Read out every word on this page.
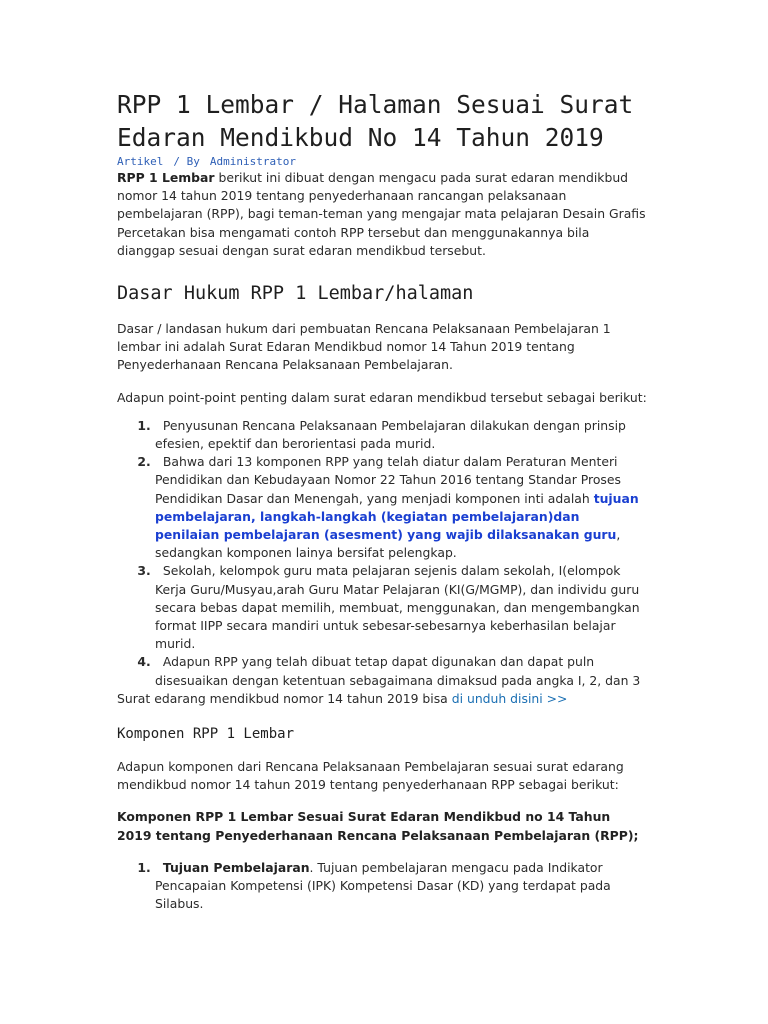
RPP 1 Lembar / Halaman Sesuai Surat Edaran Mendikbud No 14 Tahun 2019
Artikel / By Administrator

RPP 1 Lembar berikut ini dibuat dengan mengacu pada surat edaran mendikbud nomor 14 tahun 2019 tentang penyederhanaan rancangan pelaksanaan pembelajaran (RPP), bagi teman-teman yang mengajar mata pelajaran Desain Grafis Percetakan bisa mengamati contoh RPP tersebut dan menggunakannya bila dianggap sesuai dengan surat edaran mendikbud tersebut.

Dasar Hukum RPP 1 Lembar/halaman

Dasar / landasan hukum dari pembuatan Rencana Pelaksanaan Pembelajaran 1 lembar ini adalah Surat Edaran Mendikbud nomor 14 Tahun 2019 tentang Penyederhanaan Rencana Pelaksanaan Pembelajaran.

Adapun point-point penting dalam surat edaran mendikbud tersebut sebagai berikut:

1. Penyusunan Rencana Pelaksanaan Pembelajaran dilakukan dengan prinsip efesien, epektif dan berorientasi pada murid.
2. Bahwa dari 13 komponen RPP yang telah diatur dalam Peraturan Menteri Pendidikan dan Kebudayaan Nomor 22 Tahun 2016 tentang Standar Proses Pendidikan Dasar dan Menengah, yang menjadi komponen inti adalah tujuan pembelajaran, langkah-langkah (kegiatan pembelajaran)dan penilaian pembelajaran (asesment) yang wajib dilaksanakan guru, sedangkan komponen lainya bersifat pelengkap.
3. Sekolah, kelompok guru mata pelajaran sejenis dalam sekolah, I(elompok Kerja Guru/Musyau,arah Guru Matar Pelajaran (KI(G/MGMP), dan individu guru secara bebas dapat memilih, membuat, menggunakan, dan mengembangkan format IIPP secara mandiri untuk sebesar-sebesarnya keberhasilan belajar murid.
4. Adapun RPP yang telah dibuat tetap dapat digunakan dan dapat puln disesuaikan dengan ketentuan sebagaimana dimaksud pada angka I, 2, dan 3

Surat edarang mendikbud nomor 14 tahun 2019 bisa di unduh disini >>

Komponen RPP 1 Lembar

Adapun komponen dari Rencana Pelaksanaan Pembelajaran sesuai surat edarang mendikbud nomor 14 tahun 2019 tentang penyederhanaan RPP sebagai berikut:

Komponen RPP 1 Lembar Sesuai Surat Edaran Mendikbud no 14 Tahun 2019 tentang Penyederhanaan Rencana Pelaksanaan Pembelajaran (RPP);

1. Tujuan Pembelajaran. Tujuan pembelajaran mengacu pada Indikator Pencapaian Kompetensi (IPK) Kompetensi Dasar (KD) yang terdapat pada Silabus.
